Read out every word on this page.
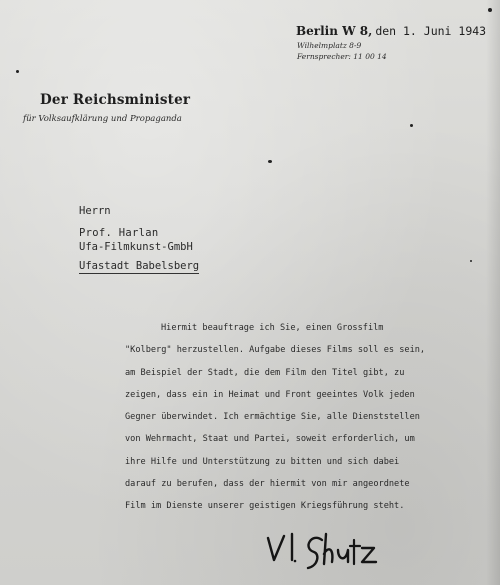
Berlin W 8, den 1. Juni 1943
Wilhelmplatz 8-9
Fernsprecher: 11 00 14
Der Reichsminister
für Volksaufklärung und Propaganda
Herrn
Prof. Harlan
Ufa-Filmkunst-GmbH
Ufastadt Babelsberg
Hiermit beauftrage ich Sie, einen Grossfilm
"Kolberg" herzustellen. Aufgabe dieses Films soll es sein,
am Beispiel der Stadt, die dem Film den Titel gibt, zu
zeigen, dass ein in Heimat und Front geeintes Volk jeden
Gegner überwindet. Ich ermächtige Sie, alle Dienststellen
von Wehrmacht, Staat und Partei, soweit erforderlich, um
ihre Hilfe und Unterstützung zu bitten und sich dabei
darauf zu berufen, dass der hiermit von mir angeordnete
Film im Dienste unserer geistigen Kriegsführung steht.
